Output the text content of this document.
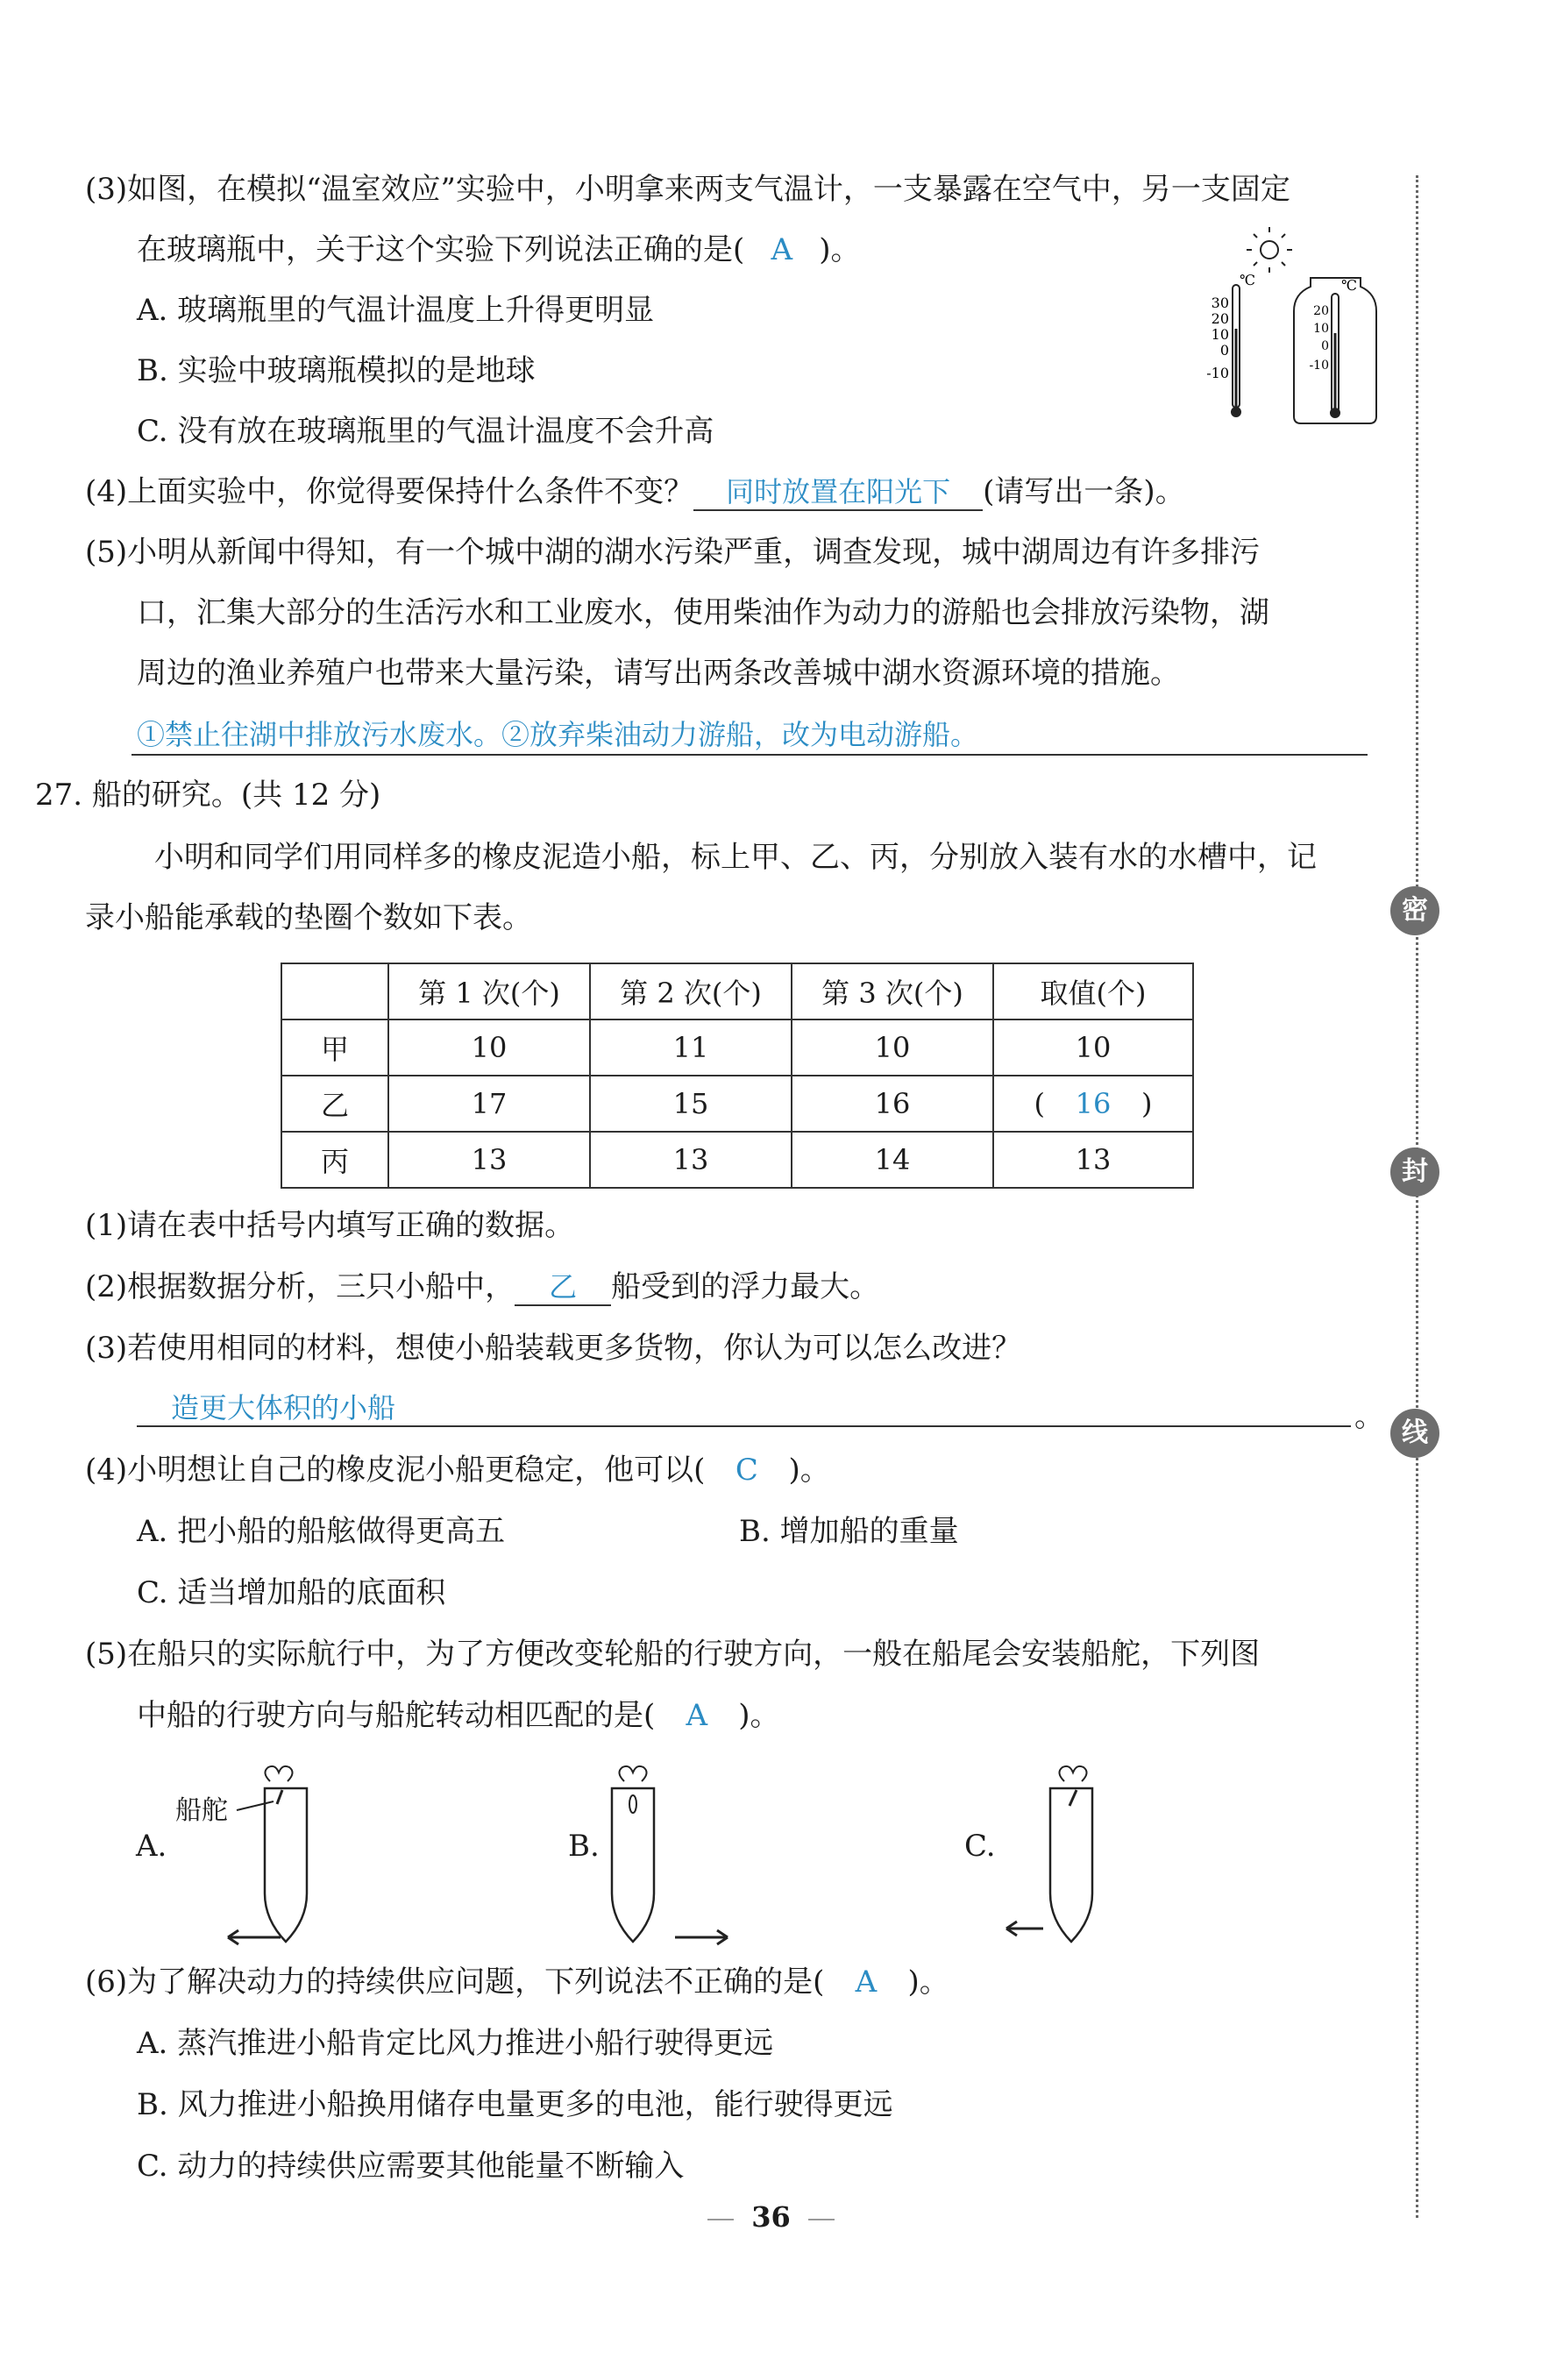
密
封
线
(3)如图，在模拟“温室效应”实验中，小明拿来两支气温计，一支暴露在空气中，另一支固定
在玻璃瓶中，关于这个实验下列说法正确的是( A )。
A. 玻璃瓶里的气温计温度上升得更明显
B. 实验中玻璃瓶模拟的是地球
C. 没有放在玻璃瓶里的气温计温度不会升高
℃
30
20
10
0
-10
℃
20
10
0
-10
(4)上面实验中，你觉得要保持什么条件不变？ 同时放置在阳光下 (请写出一条)。
(5)小明从新闻中得知，有一个城中湖的湖水污染严重，调查发现，城中湖周边有许多排污
口，汇集大部分的生活污水和工业废水，使用柴油作为动力的游船也会排放污染物，湖
周边的渔业养殖户也带来大量污染，请写出两条改善城中湖水资源环境的措施。
①禁止往湖中排放污水废水。②放弃柴油动力游船，改为电动游船。
27. 船的研究。(共 12 分)
小明和同学们用同样多的橡皮泥造小船，标上甲、乙、丙，分别放入装有水的水槽中，记
录小船能承载的垫圈个数如下表。
	第 1 次(个)	第 2 次(个)	第 3 次(个)	取值(个)
甲	10	11	10	10
乙	17	15	16	( 16 )
丙	13	13	14	13
(1)请在表中括号内填写正确的数据。
(2)根据数据分析，三只小船中， 乙 船受到的浮力最大。
(3)若使用相同的材料，想使小船装载更多货物，你认为可以怎么改进？
造更大体积的小船	。
(4)小明想让自己的橡皮泥小船更稳定，他可以( C )。
A. 把小船的船舷做得更高五	B. 增加船的重量
C. 适当增加船的底面积
(5)在船只的实际航行中，为了方便改变轮船的行驶方向，一般在船尾会安装船舵，下列图
中船的行驶方向与船舵转动相匹配的是( A )。
A.
船舵
B.	C.
(6)为了解决动力的持续供应问题，下列说法不正确的是( A )。
A. 蒸汽推进小船肯定比风力推进小船行驶得更远
B. 风力推进小船换用储存电量更多的电池，能行驶得更远
C. 动力的持续供应需要其他能量不断输入
36
